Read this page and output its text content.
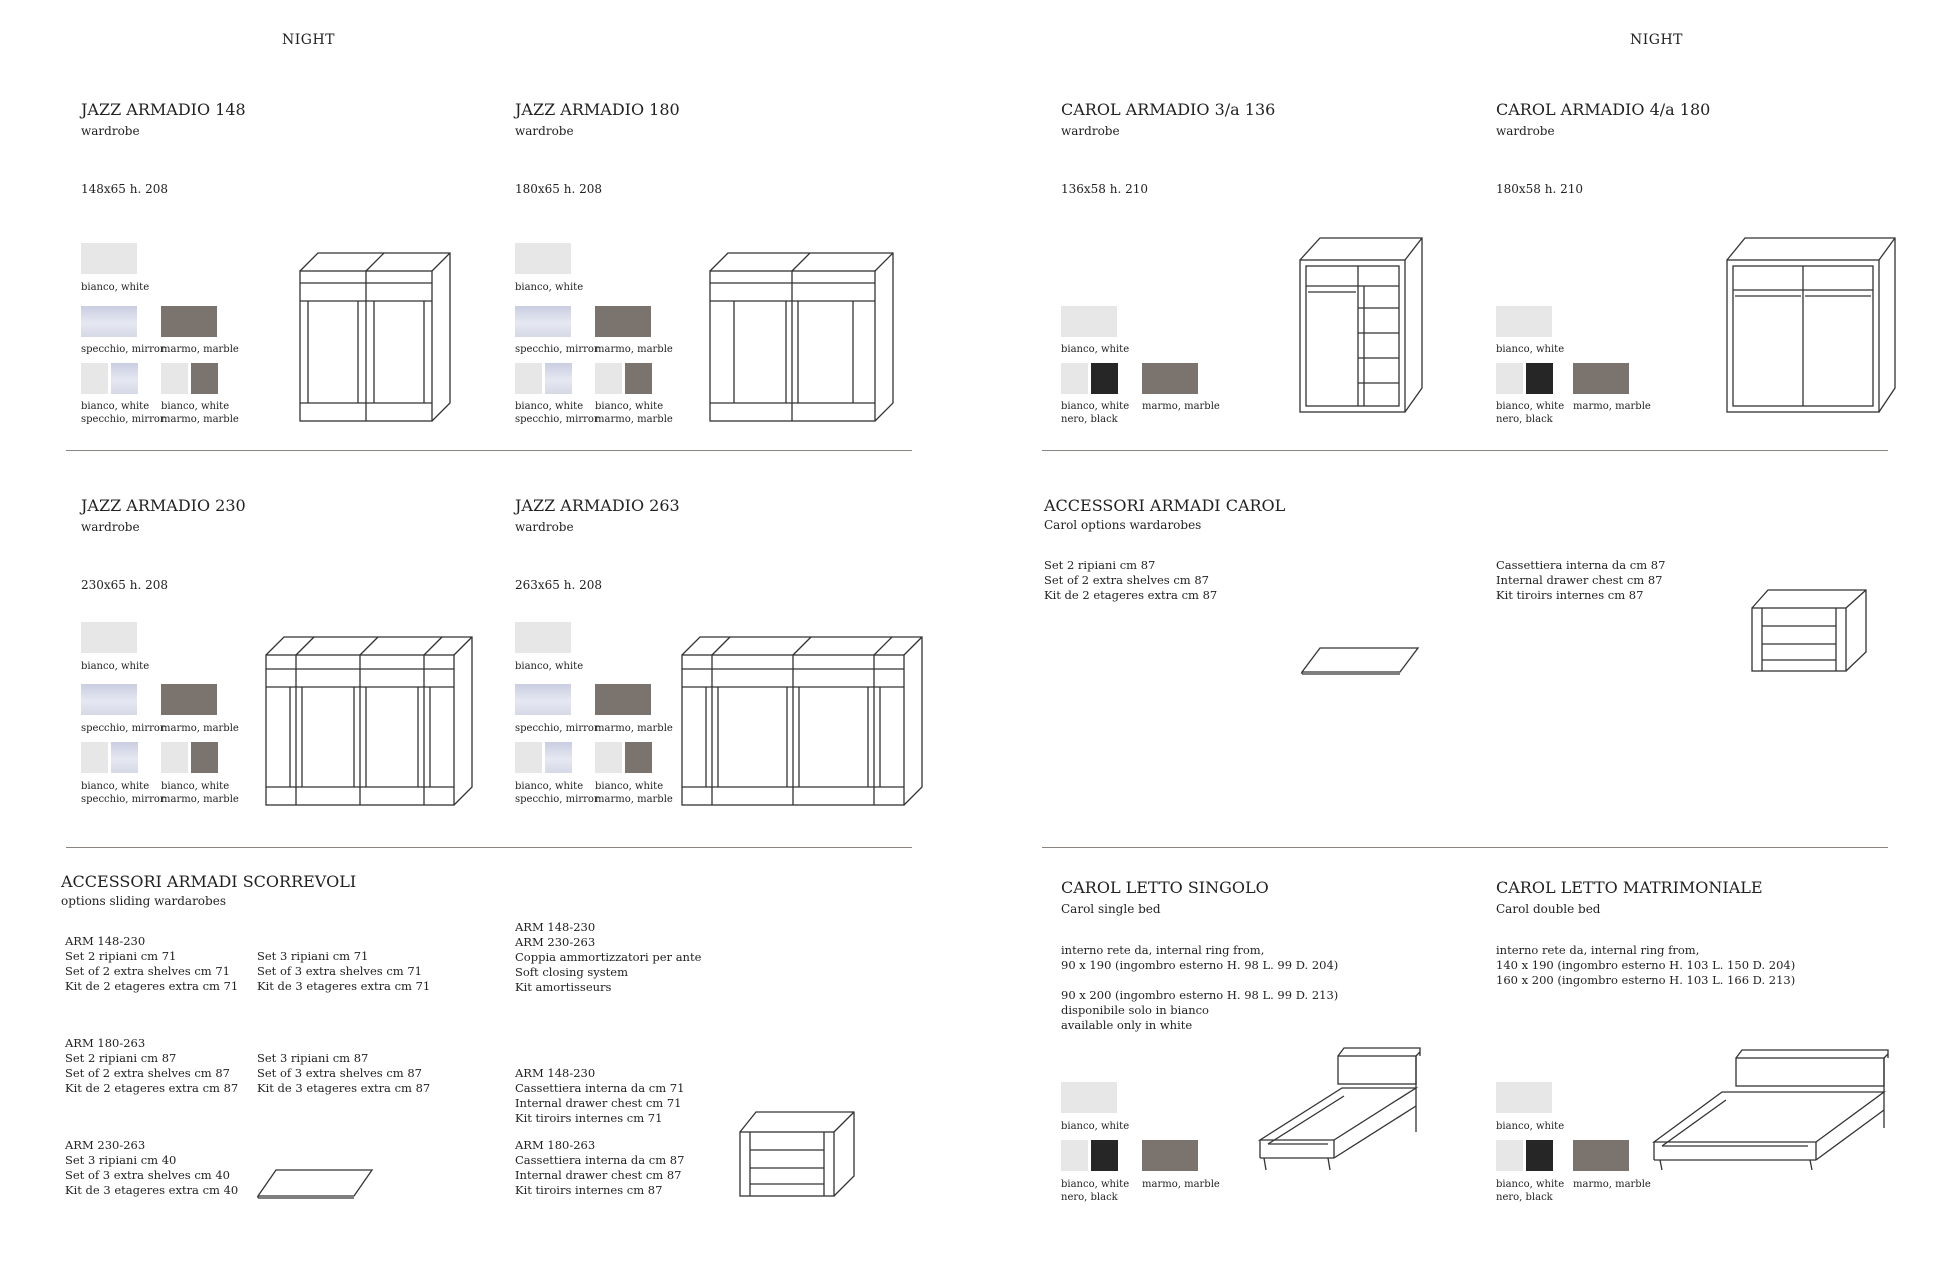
NIGHT	NIGHT
JAZZ ARMADIO 148
wardrobe
148x65 h. 208
bianco, white
specchio, mirror
marmo, marble
bianco, white
specchio, mirror
bianco, white
marmo, marble
JAZZ ARMADIO 180
wardrobe
180x65 h. 208
bianco, white
specchio, mirror
marmo, marble
bianco, white
specchio, mirror
bianco, white
marmo, marble
CAROL ARMADIO 3/a 136
wardrobe
136x58 h. 210
bianco, white
bianco, white
nero, black
marmo, marble
CAROL ARMADIO 4/a 180
wardrobe
180x58 h. 210
bianco, white
bianco, white
nero, black
marmo, marble
JAZZ ARMADIO 230
wardrobe
230x65 h. 208
bianco, white
specchio, mirror
marmo, marble
bianco, white
specchio, mirror
bianco, white
marmo, marble
JAZZ ARMADIO 263
wardrobe
263x65 h. 208
bianco, white
specchio, mirror
marmo, marble
bianco, white
specchio, mirror
bianco, white
marmo, marble
ACCESSORI ARMADI CAROL
Carol options wardarobes
Set 2 ripiani cm 87
Set of 2 extra shelves cm 87
Kit de 2 etageres extra cm 87
Cassettiera interna da cm 87
Internal drawer chest cm 87
Kit tiroirs internes cm 87
ACCESSORI ARMADI SCORREVOLI
options sliding wardarobes
ARM 148-230
Set 2 ripiani cm 71
Set of 2 extra shelves cm 71
Kit de 2 etageres extra cm 71
Set 3 ripiani cm 71
Set of 3 extra shelves cm 71
Kit de 3 etageres extra cm 71
ARM 180-263
Set 2 ripiani cm 87
Set of 2 extra shelves cm 87
Kit de 2 etageres extra cm 87
Set 3 ripiani cm 87
Set of 3 extra shelves cm 87
Kit de 3 etageres extra cm 87
ARM 230-263
Set 3 ripiani cm 40
Set of 3 extra shelves cm 40
Kit de 3 etageres extra cm 40
ARM 148-230
ARM 230-263
Coppia ammortizzatori per ante
Soft closing system
Kit amortisseurs
ARM 148-230
Cassettiera interna da cm 71
Internal drawer chest cm 71
Kit tiroirs internes cm 71
ARM 180-263
Cassettiera interna da cm 87
Internal drawer chest cm 87
Kit tiroirs internes cm 87
CAROL LETTO SINGOLO
Carol single bed
interno rete da, internal ring from,
90 x 190 (ingombro esterno H. 98 L. 99 D. 204)
90 x 200 (ingombro esterno H. 98 L. 99 D. 213)
disponibile solo in bianco
available only in white
bianco, white
bianco, white
nero, black
marmo, marble
CAROL LETTO MATRIMONIALE
Carol double bed
interno rete da, internal ring from,
140 x 190 (ingombro esterno H. 103 L. 150 D. 204)
160 x 200 (ingombro esterno H. 103 L. 166 D. 213)
bianco, white
bianco, white
nero, black
marmo, marble
